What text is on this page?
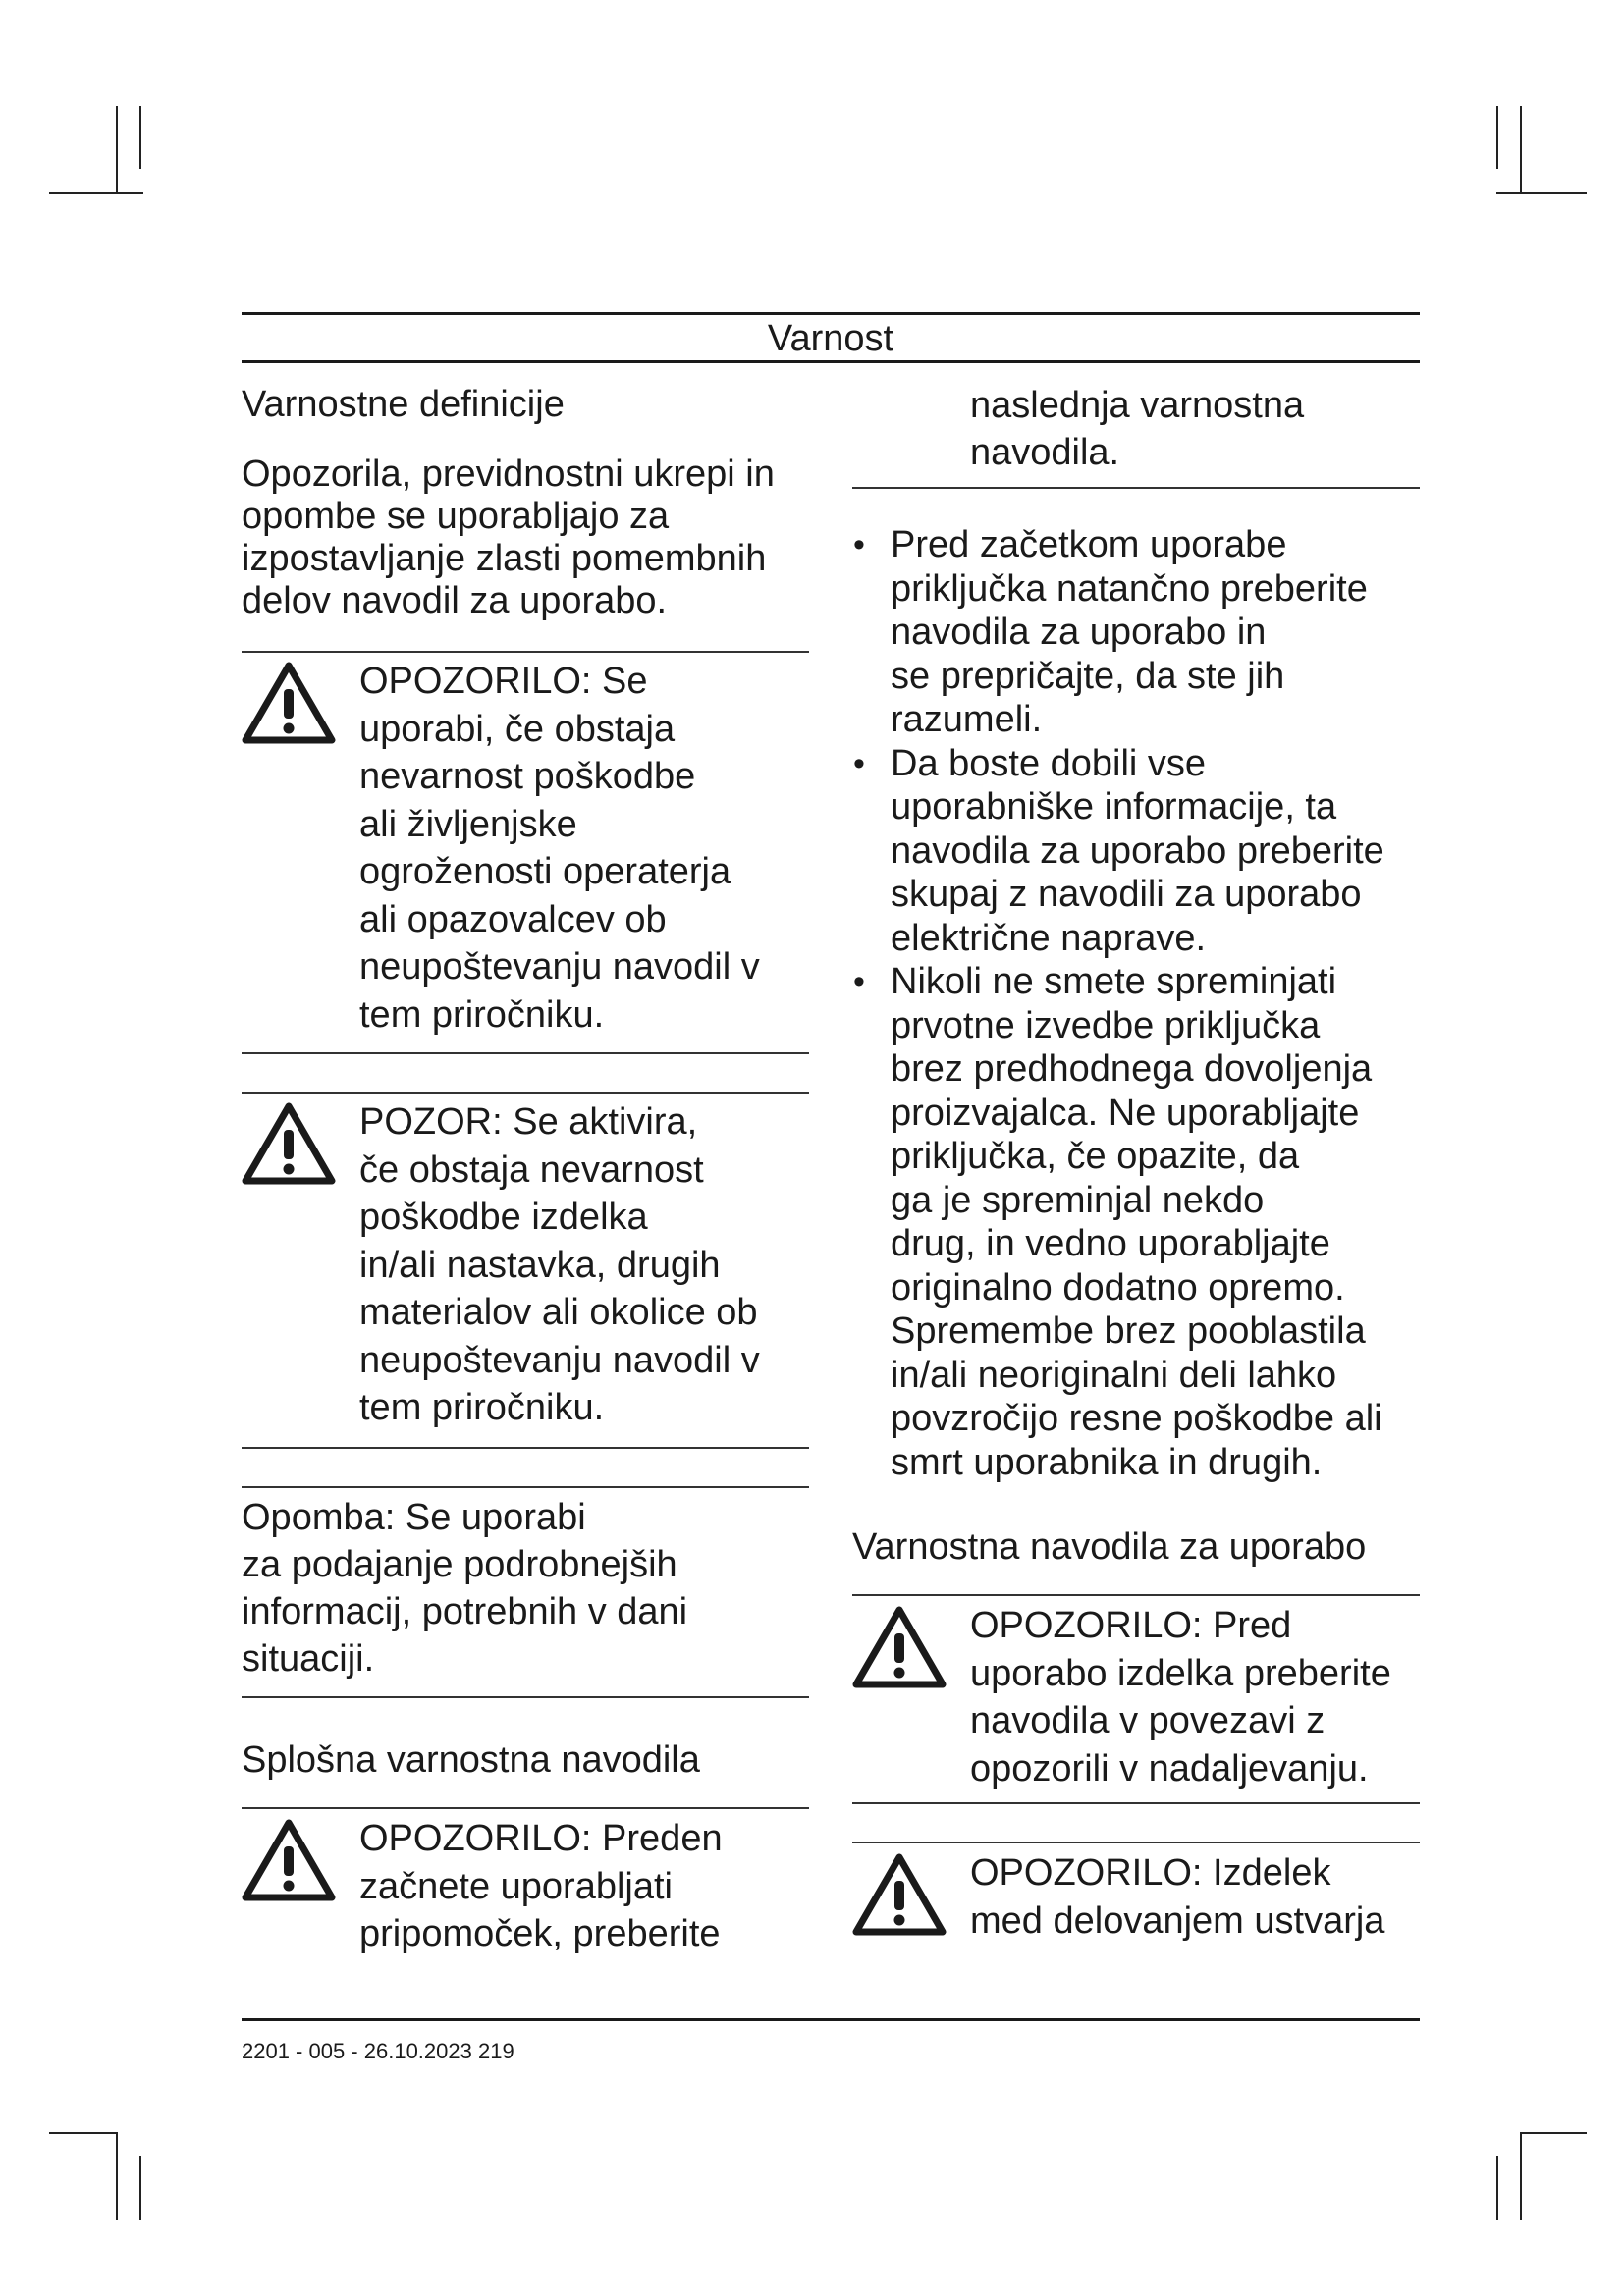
Varnost
Varnostne definicije
Opozorila, previdnostni ukrepi in opombe se uporabljajo za izpostavljanje zlasti pomembnih delov navodil za uporabo.
OPOZORILO: Se
uporabi, če obstaja
nevarnost poškodbe
ali življenjske
ogroženosti operaterja
ali opazovalcev ob
neupoštevanju navodil v
tem priročniku.
POZOR: Se aktivira,
če obstaja nevarnost
poškodbe izdelka
in/ali nastavka, drugih
materialov ali okolice ob
neupoštevanju navodil v
tem priročniku.
Opomba: Se uporabi
za podajanje podrobnejših
informacij, potrebnih v dani
situaciji.
Splošna varnostna navodila
OPOZORILO: Preden
začnete uporabljati
pripomoček, preberite
naslednja varnostna
navodila.
• Pred začetkom uporabe
priključka natančno preberite
navodila za uporabo in
se prepričajte, da ste jih
razumeli.
• Da boste dobili vse
uporabniške informacije, ta
navodila za uporabo preberite
skupaj z navodili za uporabo
električne naprave.
• Nikoli ne smete spreminjati
prvotne izvedbe priključka
brez predhodnega dovoljenja
proizvajalca. Ne uporabljajte
priključka, če opazite, da
ga je spreminjal nekdo
drug, in vedno uporabljajte
originalno dodatno opremo.
Spremembe brez pooblastila
in/ali neoriginalni deli lahko
povzročijo resne poškodbe ali
smrt uporabnika in drugih.
Varnostna navodila za uporabo
OPOZORILO: Pred
uporabo izdelka preberite
navodila v povezavi z
opozorili v nadaljevanju.
OPOZORILO: Izdelek
med delovanjem ustvarja
2201 - 005 - 26.10.2023 219
